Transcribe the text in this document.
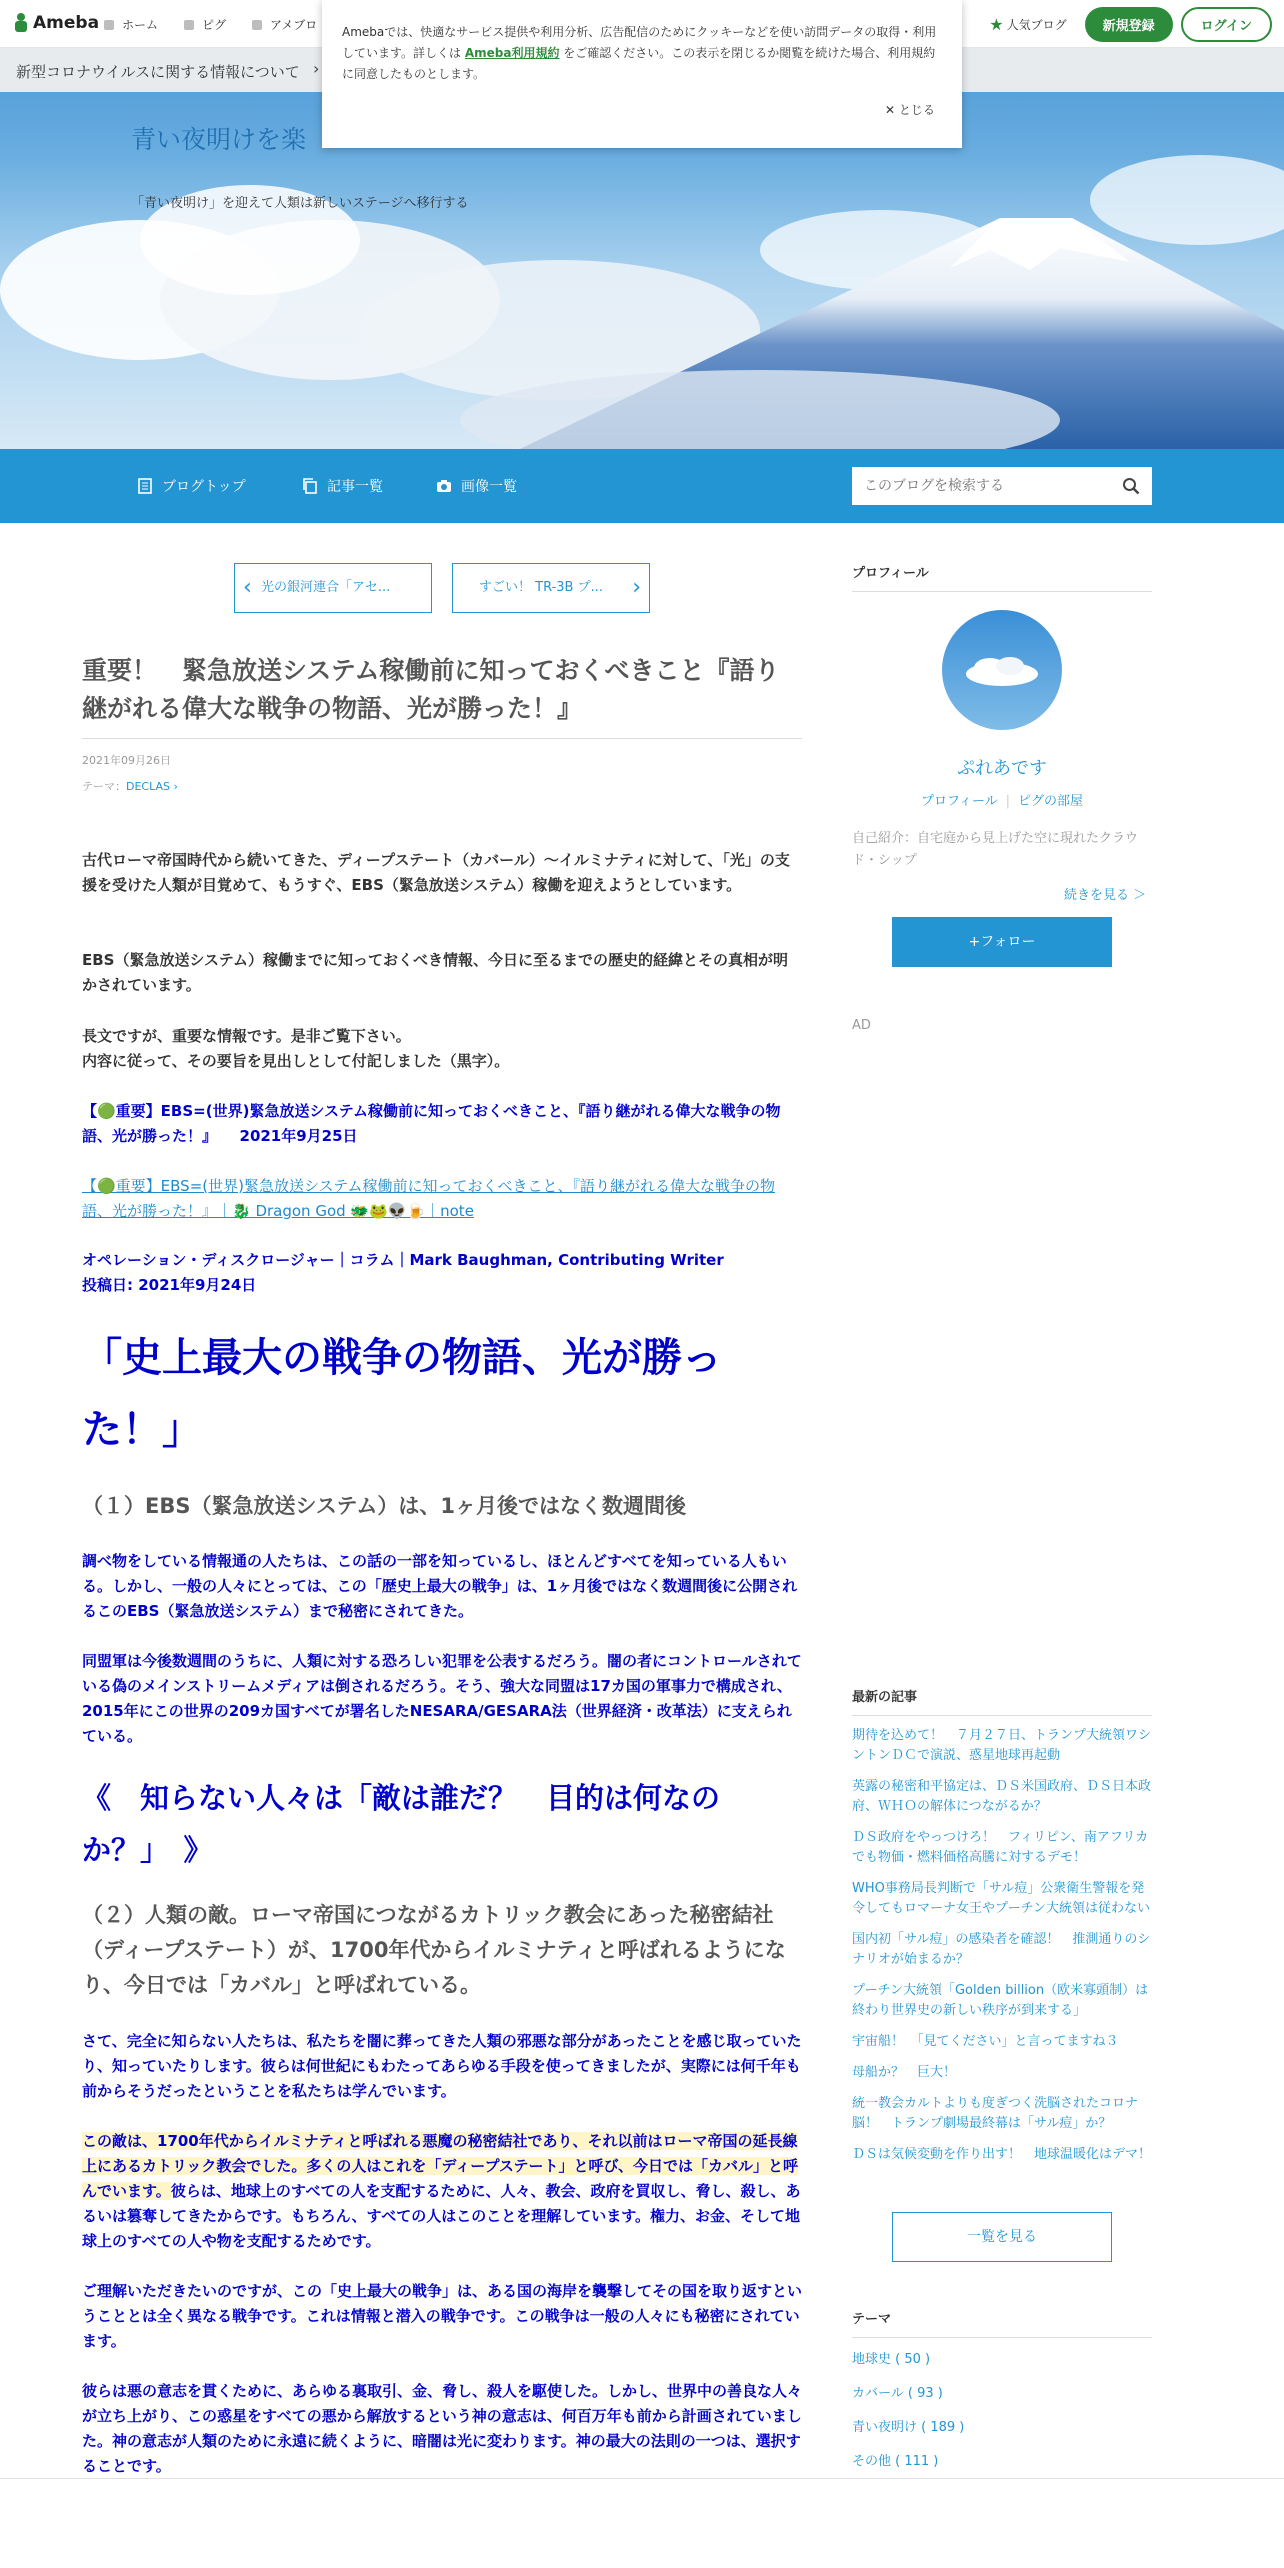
青い夜明けを楽
「青い夜明け」を迎えて人類は新しいステージへ移行する
Ameba ホーム	ピグ	アメブロ	★ 人気ブログ	新規登録	ログイン
新型コロナウイルスに関する情報について ›
Amebaでは、快適なサービス提供や利用分析、広告配信のためにクッキーなどを使い訪問データの取得・利用しています。詳しくは Ameba利用規約 をご確認ください。この表示を閉じるか閲覧を続けた場合、利用規約に同意したものとします。
✕ とじる
ブログトップ	記事一覧	画像一覧
このブログを検索する
‹ 光の銀河連合「アセ...	すごい！ TR-3B プ... ›
重要！　緊急放送システム稼働前に知っておくべきこと『語り継がれる偉大な戦争の物語、光が勝った！』
2021年09月26日
テーマ：DECLAS ›

古代ローマ帝国時代から続いてきた、ディープステート（カバール）～イルミナティに対して、「光」の支援を受けた人類が目覚めて、もうすぐ、EBS（緊急放送システム）稼働を迎えようとしています。

EBS（緊急放送システム）稼働までに知っておくべき情報、今日に至るまでの歴史的経緯とその真相が明かされています。

長文ですが、重要な情報です。是非ご覧下さい。

内容に従って、その要旨を見出しとして付記しました（黒字）。

【🟢重要】EBS=(世界)緊急放送システム稼働前に知っておくべきこと、『語り継がれる偉大な戦争の物語、光が勝った！』　　2021年9月25日

【🟢重要】EBS=(世界)緊急放送システム稼働前に知っておくべきこと、『語り継がれる偉大な戦争の物語、光が勝った！』｜🐉 Dragon God 🐲🐸👽🍺｜note

オペレーション・ディスクロージャー｜コラム｜Mark Baughman, Contributing Writer

投稿日: 2021年9月24日

「史上最大の戦争の物語、光が勝った！」
（１）EBS（緊急放送システム）は、1ヶ月後ではなく数週間後

調べ物をしている情報通の人たちは、この話の一部を知っているし、ほとんどすべてを知っている人もいる。しかし、一般の人々にとっては、この「歴史上最大の戦争」は、1ヶ月後ではなく数週間後に公開されるこのEBS（緊急放送システム）まで秘密にされてきた。

同盟軍は今後数週間のうちに、人類に対する恐ろしい犯罪を公表するだろう。闇の者にコントロールされている偽のメインストリームメディアは倒されるだろう。そう、強大な同盟は17カ国の軍事力で構成され、2015年にこの世界の209カ国すべてが署名したNESARA/GESARA法（世界経済・改革法）に支えられている。

《　知らない人々は「敵は誰だ？　目的は何なのか？」　》
（２）人類の敵。ローマ帝国につながるカトリック教会にあった秘密結社（ディープステート）が、1700年代からイルミナティと呼ばれるようになり、今日では「カバル」と呼ばれている。

さて、完全に知らない人たちは、私たちを闇に葬ってきた人類の邪悪な部分があったことを感じ取っていたり、知っていたりします。彼らは何世紀にもわたってあらゆる手段を使ってきましたが、実際には何千年も前からそうだったということを私たちは学んでいます。

この敵は、1700年代からイルミナティと呼ばれる悪魔の秘密結社であり、それ以前はローマ帝国の延長線上にあるカトリック教会でした。多くの人はこれを「ディープステート」と呼び、今日では「カバル」と呼んでいます。彼らは、地球上のすべての人を支配するために、人々、教会、政府を買収し、脅し、殺し、あるいは篡奪してきたからです。もちろん、すべての人はこのことを理解しています。権力、お金、そして地球上のすべての人や物を支配するためです。

ご理解いただきたいのですが、この「史上最大の戦争」は、ある国の海岸を襲撃してその国を取り返すということとは全く異なる戦争です。これは情報と潜入の戦争です。この戦争は一般の人々にも秘密にされています。

彼らは悪の意志を貫くために、あらゆる裏取引、金、脅し、殺人を駆使した。しかし、世界中の善良な人々が立ち上がり、この惑星をすべての悪から解放するという神の意志は、何百万年も前から計画されていました。神の意志が人類のために永遠に続くように、暗闇は光に変わります。神の最大の法則の一つは、選択することです。

プロフィール
ぷれあです
プロフィール | ピグの部屋
自己紹介：自宅庭から見上げた空に現れたクラウド・シップ
続きを見る ＞
+フォロー
AD
最新の記事
期待を込めて！　７月２７日、トランプ大統領ワシントンＤＣで演説、惑星地球再起動
英露の秘密和平協定は、ＤＳ米国政府、ＤＳ日本政府、ＷＨＯの解体につながるか？
ＤＳ政府をやっつけろ！　フィリピン、南アフリカでも物価・燃料価格高騰に対するデモ！
WHO事務局長判断で「サル痘」公衆衛生警報を発令してもロマーナ女王やプーチン大統領は従わない
国内初「サル痘」の感染者を確認！　推測通りのシナリオが始まるか？
プーチン大統領「Golden billion（欧米寡頭制）は終わり世界史の新しい秩序が到来する」
宇宙船！　「見てください」と言ってますね３
母船か？　巨大！
統一教会カルトよりも度ぎつく洗脳されたコロナ脳！　トランプ劇場最終幕は「サル痘」か？
ＤＳは気候変動を作り出す！　地球温暖化はデマ！
一覧を見る
テーマ
地球史 ( 50 )
カバール ( 93 )
青い夜明け ( 189 )
その他 ( 111 )
